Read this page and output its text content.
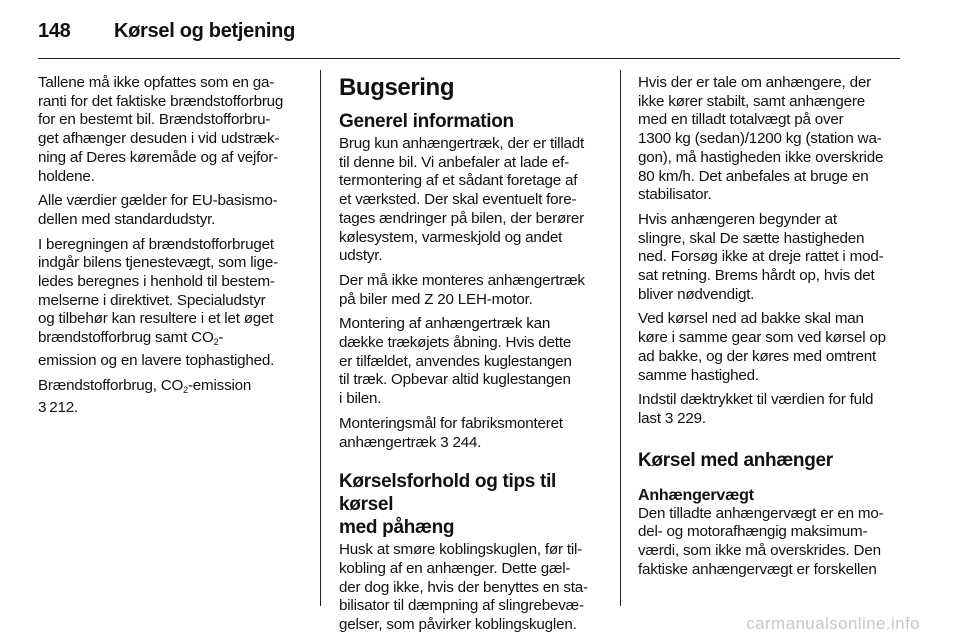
148 Kørsel og betjening

Tallene må ikke opfattes som en ga-
ranti for det faktiske brændstofforbrug
for en bestemt bil. Brændstofforbru-
get afhænger desuden i vid udstræk-
ning af Deres køremåde og af vejfor-
holdene.

Alle værdier gælder for EU-basismo-
dellen med standardudstyr.

I beregningen af brændstofforbruget
indgår bilens tjenestevægt, som lige-
ledes beregnes i henhold til bestem-
melserne i direktivet. Specialudstyr
og tilbehør kan resultere i et let øget
brændstofforbrug samt $CO_2-$
emission og en lavere tophastighed.

Brændstofforbrug, $CO_2$-emission
3 212.

Bugsering
Generel information

Brug kun anhængertræk, der er tilladt
til denne bil. Vi anbefaler at lade ef-
termontering af et sådant foretage af
et værksted. Der skal eventuelt fore-
tages ændringer på bilen, der berører
kølesystem, varmeskjold og andet
udstyr.

Der må ikke monteres anhængertræk
på biler med Z 20 LEH-motor.

Montering af anhængertræk kan
dække trækøjets åbning. Hvis dette
er tilfældet, anvendes kuglestangen
til træk. Opbevar altid kuglestangen
i bilen.

Monteringsmål for fabriksmonteret
anhængertræk 3 244.

Kørselsforhold og tips til kørsel
med påhæng

Husk at smøre koblingskuglen, før til-
kobling af en anhænger. Dette gæl-
der dog ikke, hvis der benyttes en sta-
bilisator til dæmpning af slingrebevæ-
gelser, som påvirker koblingskuglen.

Hvis der er tale om anhængere, der
ikke kører stabilt, samt anhængere
med en tilladt totalvægt på over
1300 kg (sedan)/1200 kg (station wa-
gon), må hastigheden ikke overskride
80 km/h. Det anbefales at bruge en
stabilisator.

Hvis anhængeren begynder at
slingre, skal De sætte hastigheden
ned. Forsøg ikke at dreje rattet i mod-
sat retning. Brems hårdt op, hvis det
bliver nødvendigt.

Ved kørsel ned ad bakke skal man
køre i samme gear som ved kørsel op
ad bakke, og der køres med omtrent
samme hastighed.

Indstil dæktrykket til værdien for fuld
last 3 229.

Kørsel med anhænger
Anhængervægt

Den tilladte anhængervægt er en mo-
del- og motorafhængig maksimum-
værdi, som ikke må overskrides. Den
faktiske anhængervægt er forskellen

carmanualsonline.info
